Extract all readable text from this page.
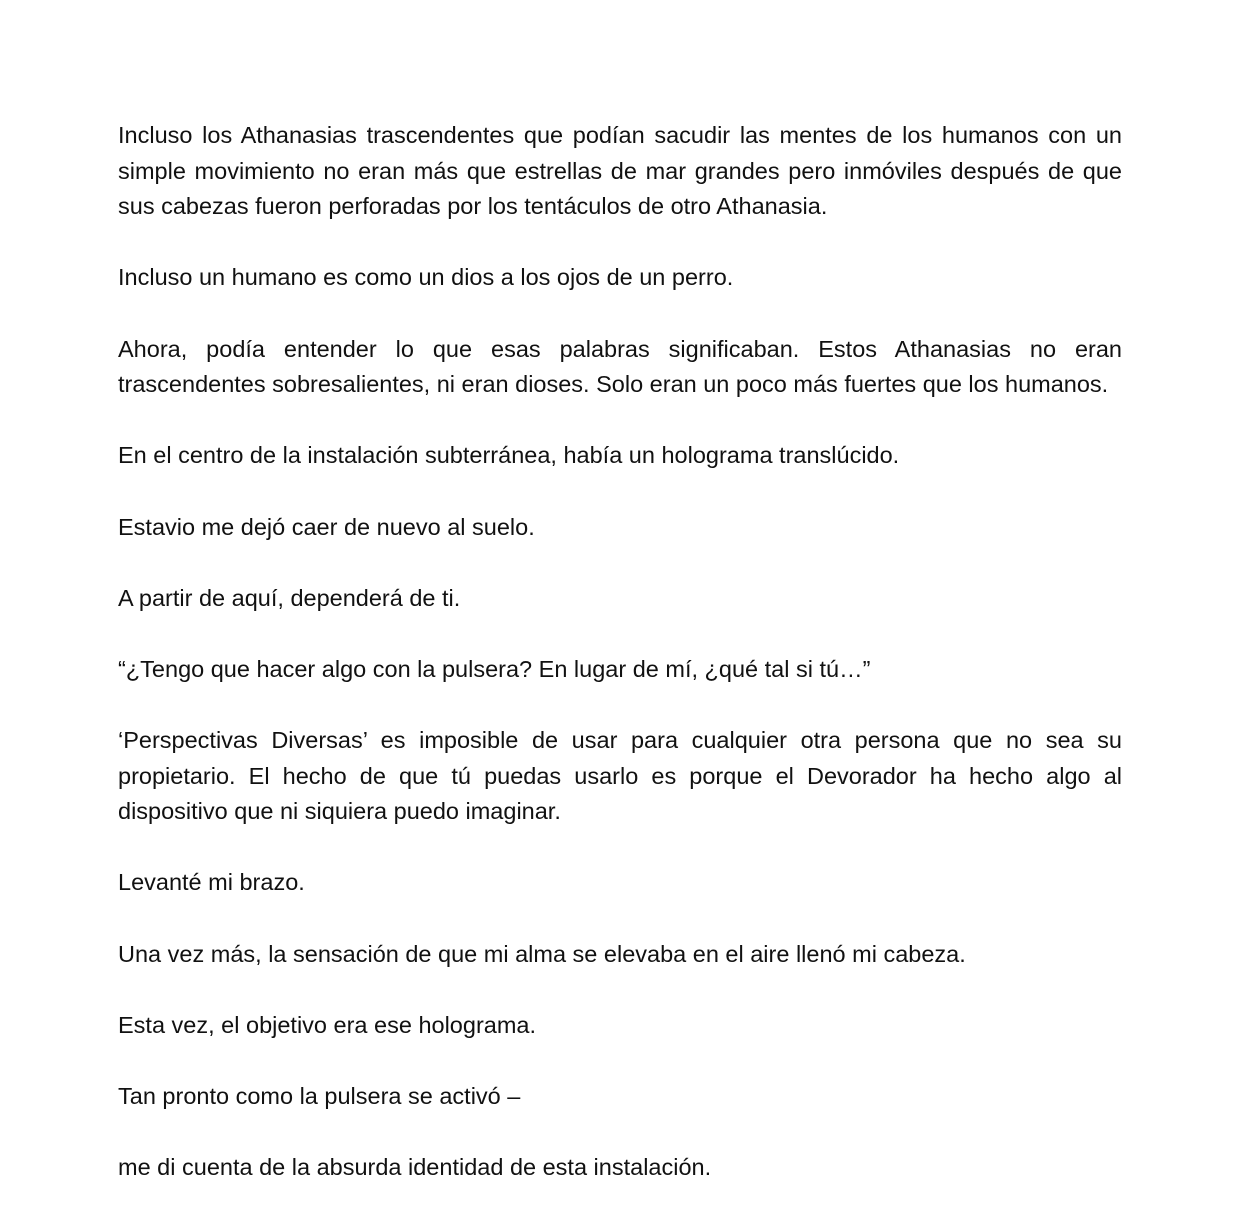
Incluso los Athanasias trascendentes que podían sacudir las mentes de los humanos con un simple movimiento no eran más que estrellas de mar grandes pero inmóviles después de que sus cabezas fueron perforadas por los tentáculos de otro Athanasia.

Incluso un humano es como un dios a los ojos de un perro.

Ahora, podía entender lo que esas palabras significaban. Estos Athanasias no eran trascendentes sobresalientes, ni eran dioses. Solo eran un poco más fuertes que los humanos.

En el centro de la instalación subterránea, había un holograma translúcido.

Estavio me dejó caer de nuevo al suelo.

A partir de aquí, dependerá de ti.

“¿Tengo que hacer algo con la pulsera? En lugar de mí, ¿qué tal si tú…”

‘Perspectivas Diversas’ es imposible de usar para cualquier otra persona que no sea su propietario. El hecho de que tú puedas usarlo es porque el Devorador ha hecho algo al dispositivo que ni siquiera puedo imaginar.

Levanté mi brazo.

Una vez más, la sensación de que mi alma se elevaba en el aire llenó mi cabeza.

Esta vez, el objetivo era ese holograma.

Tan pronto como la pulsera se activó –

me di cuenta de la absurda identidad de esta instalación.
